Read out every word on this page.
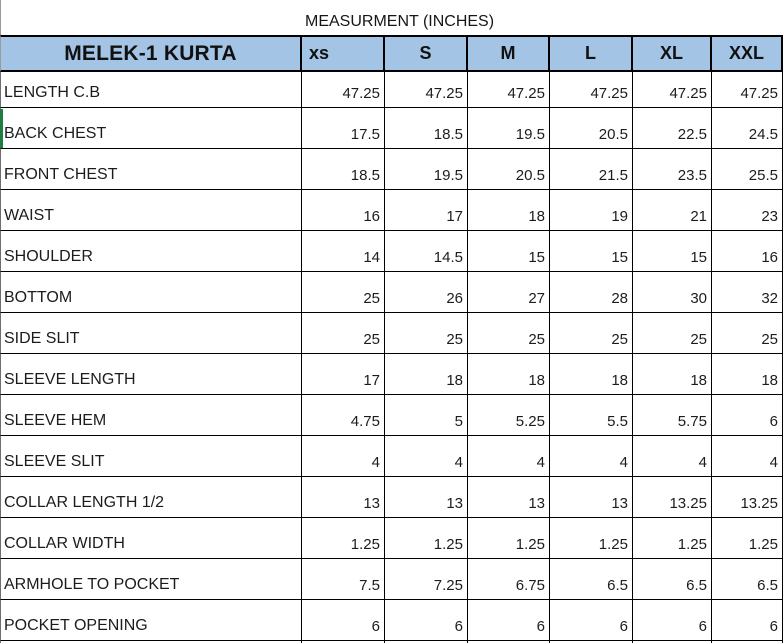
MEASURMENT (INCHES)
MELEK-1 KURTA	xs	S	M	L	XL	XXL
LENGTH C.B	47.25	47.25	47.25	47.25	47.25	47.25
BACK CHEST	17.5	18.5	19.5	20.5	22.5	24.5
FRONT CHEST	18.5	19.5	20.5	21.5	23.5	25.5
WAIST	16	17	18	19	21	23
SHOULDER	14	14.5	15	15	15	16
BOTTOM	25	26	27	28	30	32
SIDE SLIT	25	25	25	25	25	25
SLEEVE LENGTH	17	18	18	18	18	18
SLEEVE HEM	4.75	5	5.25	5.5	5.75	6
SLEEVE SLIT	4	4	4	4	4	4
COLLAR LENGTH 1/2	13	13	13	13	13.25	13.25
COLLAR WIDTH	1.25	1.25	1.25	1.25	1.25	1.25
ARMHOLE TO POCKET	7.5	7.25	6.75	6.5	6.5	6.5
POCKET OPENING	6	6	6	6	6	6
